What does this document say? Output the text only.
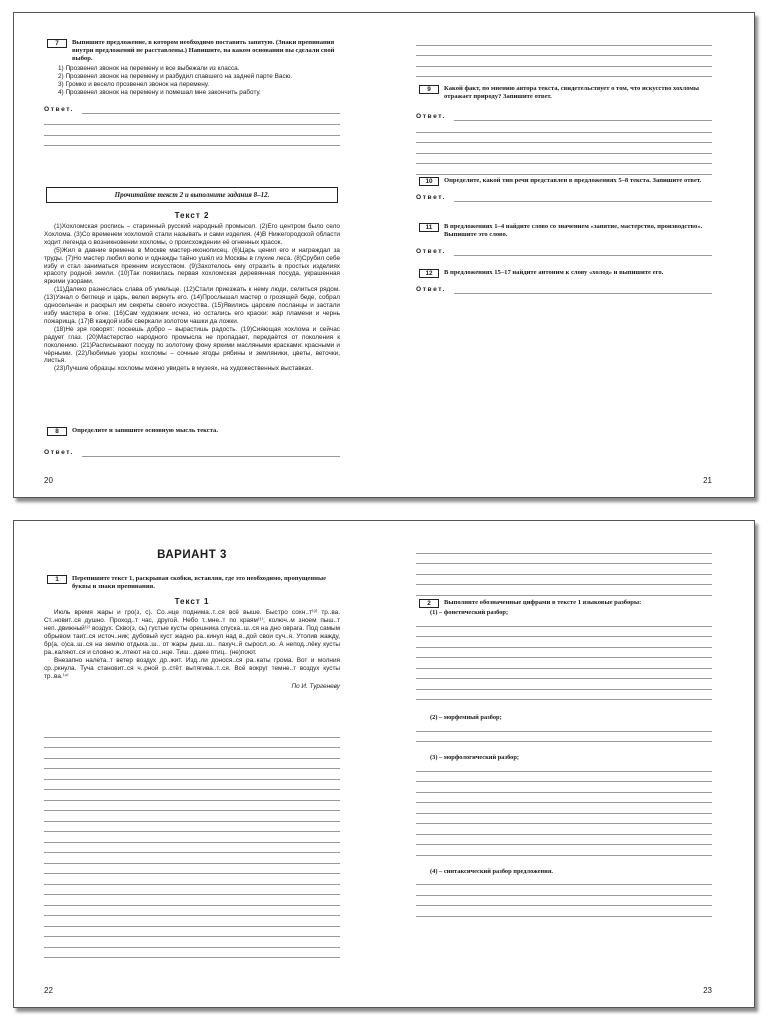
7	Выпишите предложение, в котором необходимо поставить запятую. (Знаки препинания внутри предложений не расставлены.) Напишите, на каком основании вы сделали свой выбор.
1) Прозвенел звонок на перемену и все выбежали из класса.
2) Прозвенел звонок на перемену и разбудил спавшего на задней парте Васю.
3) Громко и весело прозвенел звонок на перемену.
4) Прозвенел звонок на перемену и помешал мне закончить работу.
Ответ.
Прочитайте текст 2 и выполните задания 8–12.
Текст 2

(1)Хохломская роспись – старинный русский народный промысел. (2)Его центром было село Хохлома. (3)Со временем хохломой стали называть и сами изделия. (4)В Нижегородской области ходит легенда о возникновении хохломы, о происхождении её огненных красок.

(5)Жил в давние времена в Москве мастер-иконописец. (6)Царь ценил его и награждал за труды. (7)Но мастер любил волю и однажды тайно ушёл из Москвы в глухие леса. (8)Срубил себе избу и стал заниматься прежним искусством. (9)Захотелось ему отразить в простых изделиях красоту родной земли. (10)Так появилась первая хохломская деревянная посуда, украшенная яркими узорами.

(11)Далеко разнеслась слава об умельце. (12)Стали приезжать к нему люди, селиться рядом. (13)Узнал о беглеце и царь, велел вернуть его. (14)Прослышал мастер о грозящей беде, собрал односельчан и раскрыл им секреты своего искусства. (15)Явились царские посланцы и застали избу мастера в огне. (16)Сам художник исчез, но остались его краски: жар пламени и чернь пожарища. (17)В каждой избе сверкали золотом чашки да ложки.

(18)Не зря говорят: посеешь добро – вырастишь радость. (19)Сияющая хохлома и сейчас радует глаз. (20)Мастерство народного промысла не пропадает, передаётся от поколения к поколению. (21)Расписывают посуду по золотому фону яркими масляными красками: красными и чёрными. (22)Любимые узоры хохломы – сочные ягоды рябины и земляники, цветы, веточки, листья.

(23)Лучшие образцы хохломы можно увидеть в музеях, на художественных выставках.

8	Определите и запишите основную мысль текста.
Ответ.
20
9	Какой факт, по мнению автора текста, свидетельствует о том, что искусство хохломы отражает природу? Запишите ответ.
Ответ.
10	Определите, какой тип речи представлен в предложениях 5–8 текста. Запишите ответ.
Ответ.
11	В предложениях 1–4 найдите слово со значением «занятие, мастерство, производство». Выпишите это слово.
Ответ.
12	В предложениях 15–17 найдите антоним к слову «холод» и выпишите его.
Ответ.
21
ВАРИАНТ 3
1	Перепишите текст 1, раскрывая скобки, вставляя, где это необходимо, пропущенные буквы и знаки препинания.
Текст 1

Июль время жары и гро(з, с). Со..нце поднима..т..ся всё выше. Быстро сохн..т⁽³⁾ тр..ва. Ст..новит..ся душно. Проход..т час, другой. Небо т..мне..т по краям⁽¹⁾; колюч..м зноем пыш..т неп..движный⁽²⁾ воздух. Скво(з, сь) густые кусты орешника спуска..ш..ся на дно оврага. Под самым обрывом таит..ся источ..ник; дубовый куст жадно ра..кинул над в..дой свои суч..я. Утолив жажду, бр(а, о)са..ш..ся на землю отдыха..ш.. от жары дыш..ш.. пахуч..й сыросл..ю. А непод..лёку кусты ра..каляют..ся и словно ж..лтеют на со..нце. Тиш.. даже птиц.. (не)поют.

Внезапно налета..т ветер воздух др..жит. Изд..ли донося..ся ра..каты грома. Вот и молния ср..ркнула. Туча становит..ся ч..рной р..стёт вытягива..т..ся. Всё вокруг темне..т воздух кусты тр..ва.⁽⁴⁾

По И. Тургеневу
22
2	Выполните обозначенные цифрами в тексте 1 языковые разборы:
(1) – фонетический разбор;
(2) – морфемный разбор;
(3) – морфологический разбор;
(4) – синтаксический разбор предложения.
23
